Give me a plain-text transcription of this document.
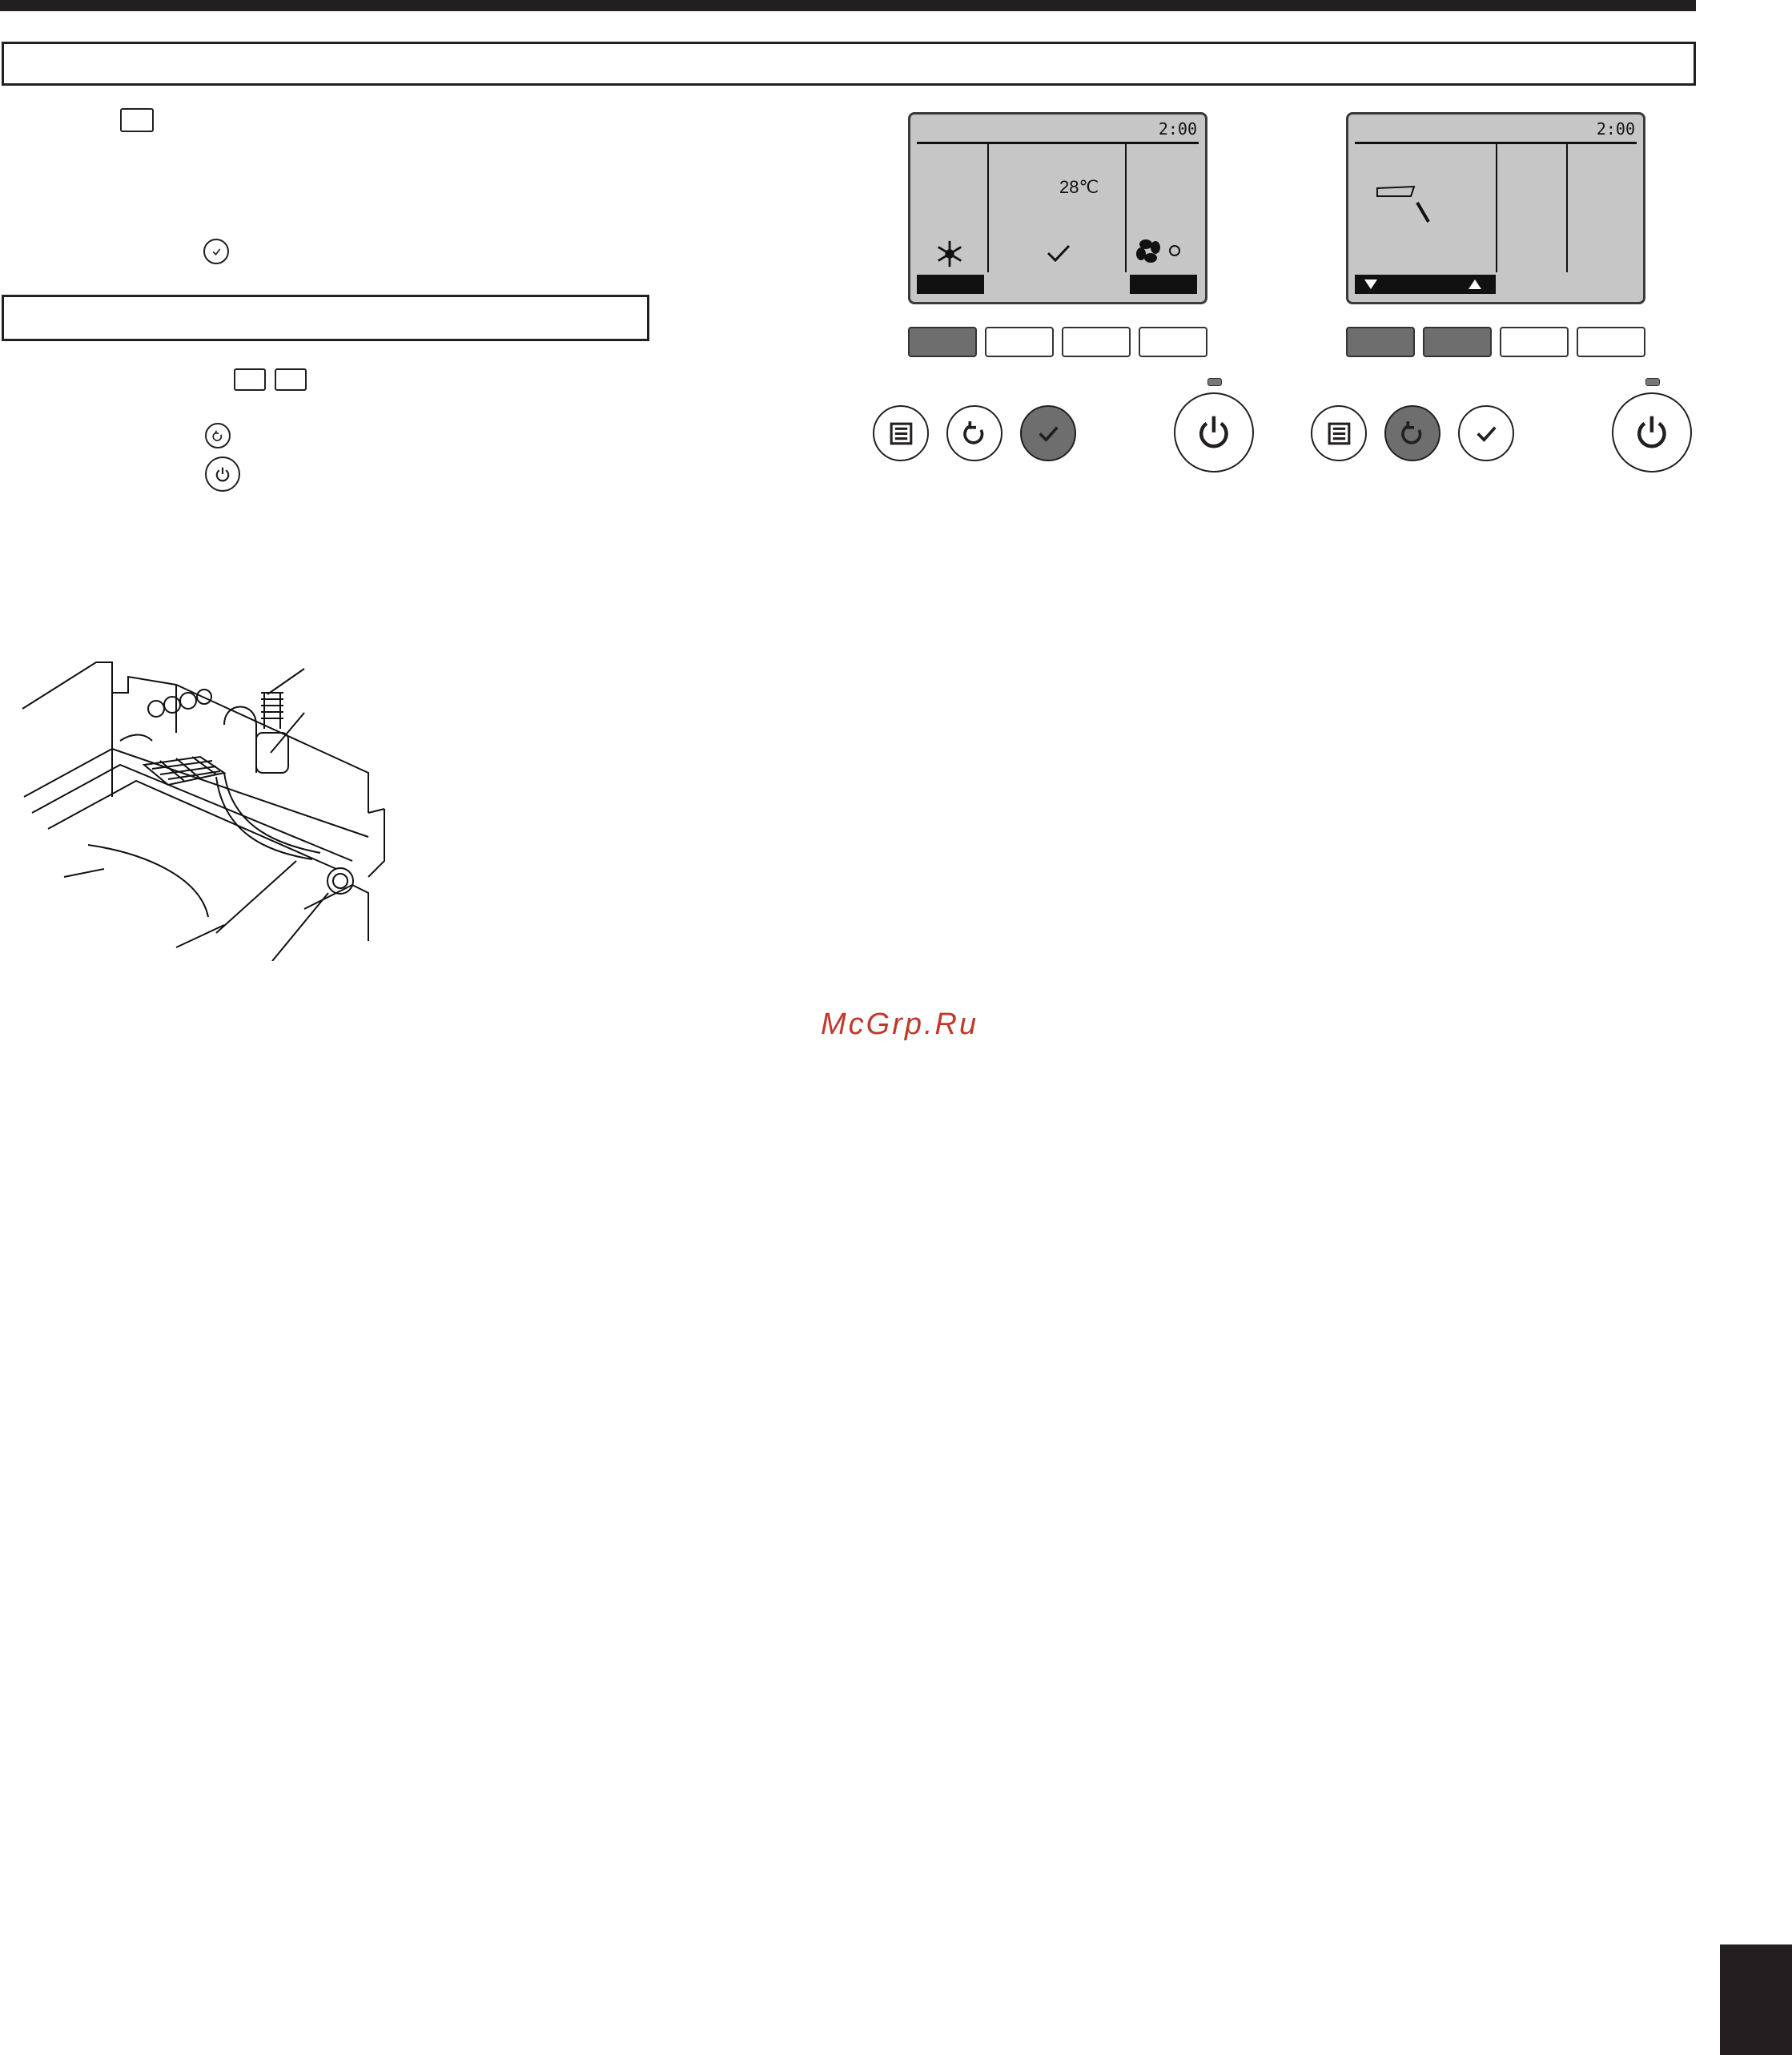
2:00
28℃
2:00
McGrp.Ru
